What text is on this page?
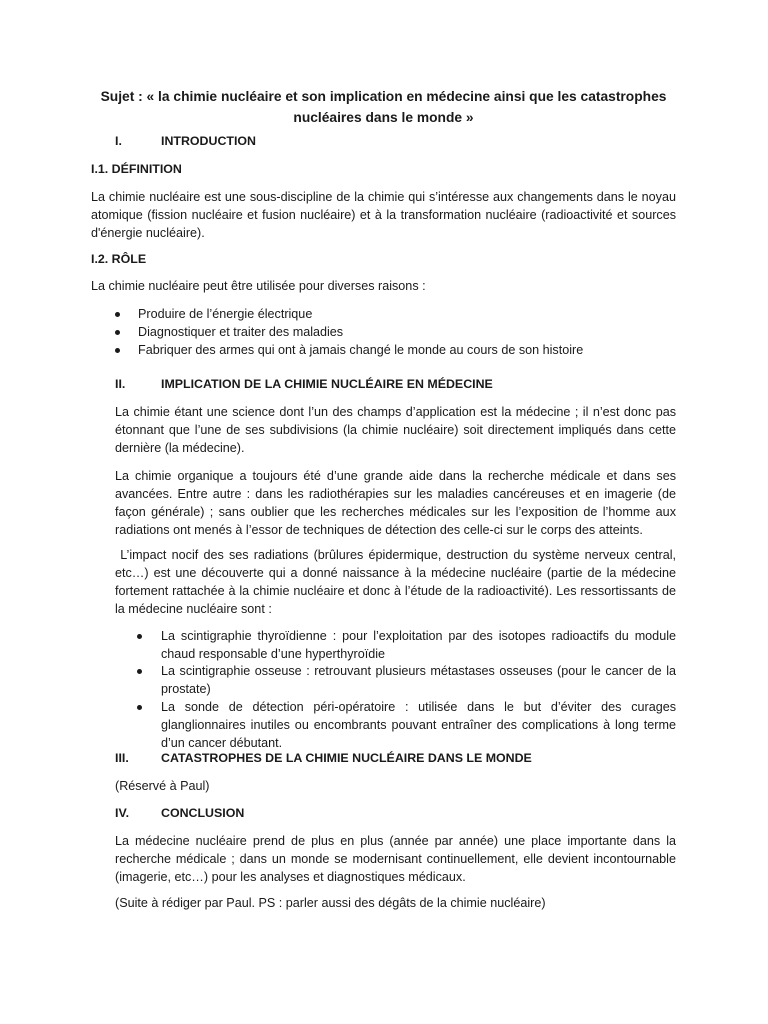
Sujet : « la chimie nucléaire et son implication en médecine ainsi que les catastrophes
nucléaires dans le monde »
I.	INTRODUCTION
I.1. DÉFINITION
La chimie nucléaire est une sous-discipline de la chimie qui s’intéresse aux changements dans le noyau atomique (fission nucléaire et fusion nucléaire) et à la transformation nucléaire (radioactivité et sources d'énergie nucléaire).
I.2. RÔLE
La chimie nucléaire peut être utilisée pour diverses raisons :
Produire de l’énergie électrique
Diagnostiquer et traiter des maladies
Fabriquer des armes qui ont à jamais changé le monde au cours de son histoire
II.	IMPLICATION DE LA CHIMIE NUCLÉAIRE EN MÉDECINE
La chimie étant une science dont l’un des champs d’application est la médecine ; il n’est donc pas étonnant que l’une de ses subdivisions (la chimie nucléaire) soit directement impliqués dans cette dernière (la médecine).
La chimie organique a toujours été d’une grande aide dans la recherche médicale et dans ses avancées. Entre autre : dans les radiothérapies sur les maladies cancéreuses et en imagerie (de façon générale) ; sans oublier que les recherches médicales sur les l’exposition de l’homme aux radiations ont menés à l’essor de techniques de détection des celle-ci sur le corps des atteints.
L’impact nocif des ses radiations (brûlures épidermique, destruction du système nerveux central, etc…) est une découverte qui a donné naissance à la médecine nucléaire (partie de la médecine fortement rattachée à la chimie nucléaire et donc à l’étude de la radioactivité). Les ressortissants de la médecine nucléaire sont :
La scintigraphie thyroïdienne : pour l’exploitation par des isotopes radioactifs du module chaud responsable d’une hyperthyroïdie
La scintigraphie osseuse : retrouvant plusieurs métastases osseuses (pour le cancer de la prostate)
La sonde de détection péri-opératoire : utilisée dans le but d’éviter des curages glanglionnaires inutiles ou encombrants pouvant entraîner des complications à long terme d’un cancer débutant.
III.	CATASTROPHES DE LA CHIMIE NUCLÉAIRE DANS LE MONDE
(Réservé à Paul)
IV.	CONCLUSION
La médecine nucléaire prend de plus en plus (année par année) une place importante dans la recherche médicale ; dans un monde se modernisant continuellement, elle devient incontournable (imagerie, etc…) pour les analyses et diagnostiques médicaux.
(Suite à rédiger par Paul. PS : parler aussi des dégâts de la chimie nucléaire)
